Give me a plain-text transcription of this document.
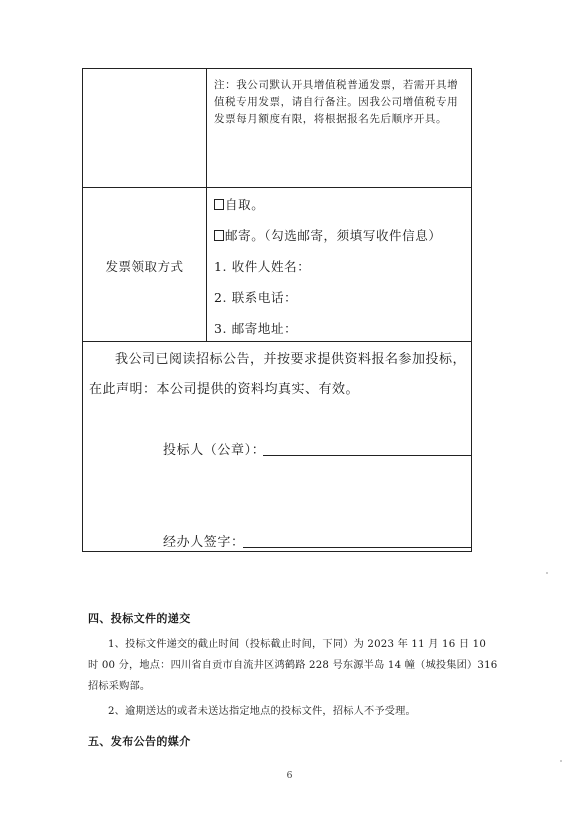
注：我公司默认开具增值税普通发票，若需开具增值税专用发票，请自行备注。因我公司增值税专用发票每月额度有限，将根据报名先后顺序开具。
发票领取方式
自取。
邮寄。（勾选邮寄，须填写收件信息）
1. 收件人姓名：
2. 联系电话：
3. 邮寄地址：
我公司已阅读招标公告，并按要求提供资料报名参加投标，在此声明：本公司提供的资料均真实、有效。
投标人（公章）：
经办人签字：
四、投标文件的递交
1、投标文件递交的截止时间（投标截止时间，下同）为 2023 年 11 月 16 日 10 时 00 分，地点：四川省自贡市自流井区鸿鹤路 228 号东源半岛 14 幢（城投集团）316 招标采购部。
2、逾期送达的或者未送达指定地点的投标文件，招标人不予受理。
五、发布公告的媒介
6
